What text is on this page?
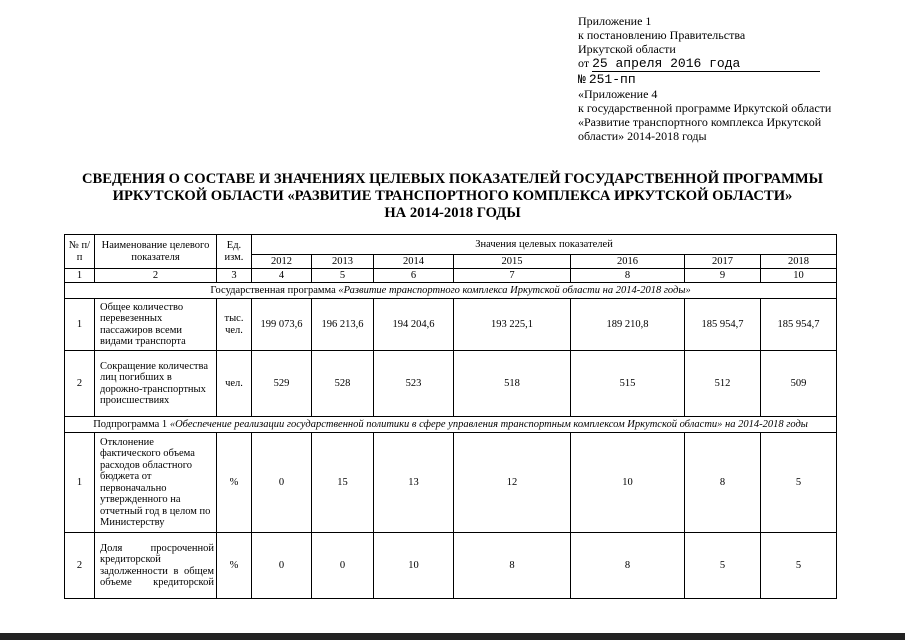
Приложение 1
к постановлению Правительства
Иркутской области
от 25 апреля 2016 года
№ 251-пп
«Приложение 4
к государственной программе Иркутской области
«Развитие транспортного комплекса Иркутской
области» 2014-2018 годы
СВЕДЕНИЯ О СОСТАВЕ И ЗНАЧЕНИЯХ ЦЕЛЕВЫХ ПОКАЗАТЕЛЕЙ ГОСУДАРСТВЕННОЙ ПРОГРАММЫ
ИРКУТСКОЙ ОБЛАСТИ «РАЗВИТИЕ ТРАНСПОРТНОГО КОМПЛЕКСА ИРКУТСКОЙ ОБЛАСТИ»
НА 2014-2018 ГОДЫ
№ п/п	Наименование целевого показателя	Ед. изм.	Значения целевых показателей						
			2012	2013	2014	2015	2016	2017	2018
1	2	3	4	5	6	7	8	9	10
Государственная программа «Развитие транспортного комплекса Иркутской области на 2014-2018 годы»									
1	Общее количество перевезенных пассажиров всеми видами транспорта	тыс. чел.	199 073,6	196 213,6	194 204,6	193 225,1	189 210,8	185 954,7	185 954,7
2	Сокращение количества лиц погибших в дорожно-транспортных происшествиях	чел.	529	528	523	518	515	512	509
Подпрограмма 1 «Обеспечение реализации государственной политики в сфере управления транспортным комплексом Иркутской области» на 2014-2018 годы									
1	Отклонение фактического объема расходов областного бюджета от первоначально утвержденного на отчетный год в целом по Министерству	%	0	15	13	12	10	8	5
2	Доля просроченной кредиторской задолженности в общем объеме кредиторской	%	0	0	10	8	8	5	5
